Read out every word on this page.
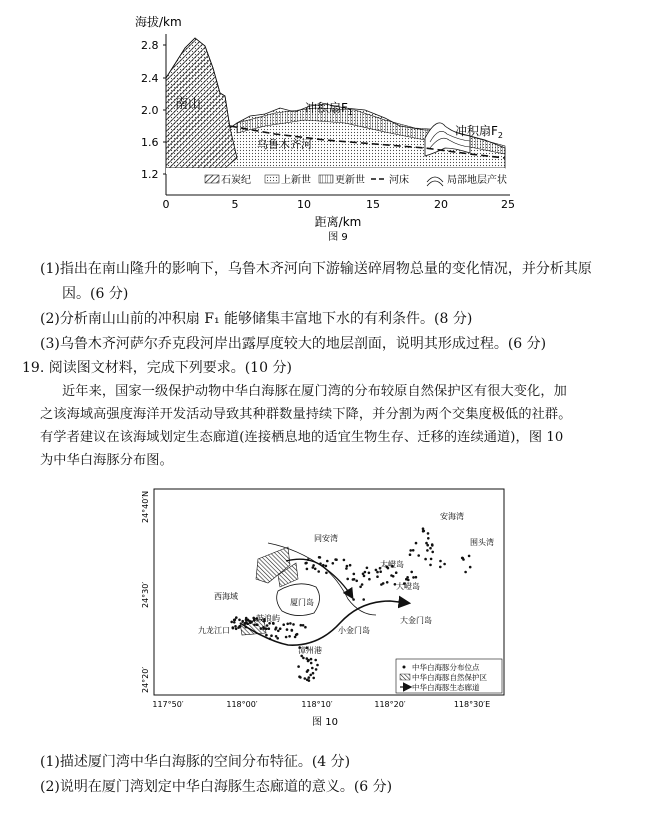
海拔/km
2.8
2.4
2.0
1.6
1.2
0	5	10	15	20	25
距离/km
南山	冲积扇$F_1$
冲积扇$F_2$
乌鲁木齐河
石炭纪	上新世 更新世 河床	局部地层产状
图 9
(1)指出在南山隆升的影响下，乌鲁木齐河向下游输送碎屑物总量的变化情况，并分析其原
因。(6 分)
(2)分析南山山前的冲积扇 F₁ 能够储集丰富地下水的有利条件。(8 分)
(3)乌鲁木齐河萨尔乔克段河岸出露厚度较大的地层剖面，说明其形成过程。(6 分)
19. 阅读图文材料，完成下列要求。(10 分)
近年来，国家一级保护动物中华白海豚在厦门湾的分布较原自然保护区有很大变化，加
之该海域高强度海洋开发活动导致其种群数量持续下降，并分割为两个交集度极低的社群。
有学者建议在该海域划定生态廊道(连接栖息地的适宜生物生存、迁移的连续通道)，图 10
为中华白海豚分布图。
24°40′N
24°30′
24°20′
117°50′	118°00′	118°10′	118°20′	118°30′E
同安湾
安海湾
围头湾
太嶝岛
大嶝岛
西海域
厦门岛
九龙江口
鼓浪屿
小金门岛
大金门岛
漳州港
中华白海豚分布位点
中华白海豚自然保护区
中华白海豚生态廊道
图 10
(1)描述厦门湾中华白海豚的空间分布特征。(4 分)
(2)说明在厦门湾划定中华白海豚生态廊道的意义。(6 分)
